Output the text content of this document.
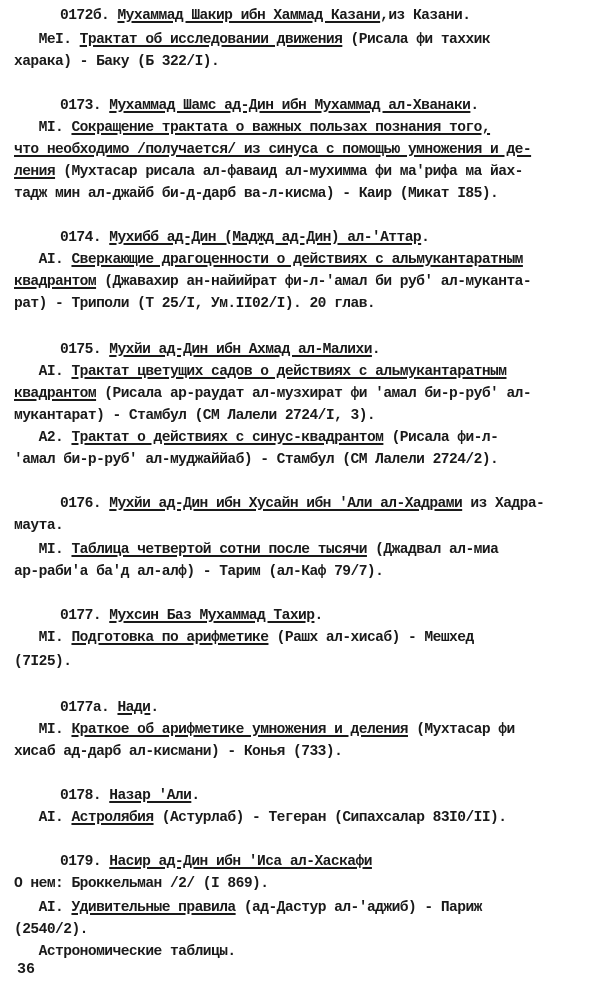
0172б. Мухаммад Шакир ибн Хаммад Казани,из Казани.
MeI. Трактат об исследовании движения (Рисала фи таххик
харака) - Баку (Б 322/I).
0173. Мухаммад Шамс ад-Дин ибн Мухаммад ал-Хванаки.
MI. Сокращение трактата о важных пользах познания того,
что необходимо /получается/ из синуса с помощью умножения и де-
ления (Мухтасар рисала ал-фаваид ал-мухимма фи ма'рифа ма йах-
тадж мин ал-джайб би-д-дарб ва-л-кисма) - Каир (Микат I85).
0174. Мухибб ад-Дин (Маджд ад-Дин) ал-'Аттар.
AI. Сверкающие драгоценности о действиях с альмукантаратным
квадрантом (Джавахир ан-найийрат фи-л-'амал би руб' ал-муканта-
рат) - Триполи (Т 25/I, Ум.II02/I). 20 глав.
0175. Мухйи ад-Дин ибн Ахмад ал-Малихи.
AI. Трактат цветущих садов о действиях с альмукантаратным
квадрантом (Рисала ар-раудат ал-музхират фи 'амал би-р-руб' ал-
мукантарат) - Стамбул (СМ Лалели 2724/I, 3).
A2. Трактат о действиях с синус-квадрантом (Рисала фи-л-
'амал би-р-руб' ал-муджаййаб) - Стамбул (СМ Лалели 2724/2).
0176. Мухйи ад-Дин ибн Хусайн ибн 'Али ал-Хадрами из Хадра-
маута.
MI. Таблица четвертой сотни после тысячи (Джадвал ал-миа
ар-раби'а ба'д ал-алф) - Тарим (ал-Каф 79/7).
0177. Мухсин Баз Мухаммад Тахир.
MI. Подготовка по арифметике (Рашх ал-хисаб) - Мешхед
(7I25).
0177а. Нади.
MI. Краткое об арифметике умножения и деления (Мухтасар фи
хисаб ад-дарб ал-кисмани) - Конья (733).
0178. Назар 'Али.
AI. Астролябия (Астурлаб) - Тегеран (Сипахсалар 83I0/II).
0179. Насир ад-Дин ибн 'Иса ал-Хаскафи
О нем: Броккельман /2/ (I 869).
AI. Удивительные правила (ад-Дастур ал-'аджиб) - Париж
(2540/2).
Астрономические таблицы.
36
